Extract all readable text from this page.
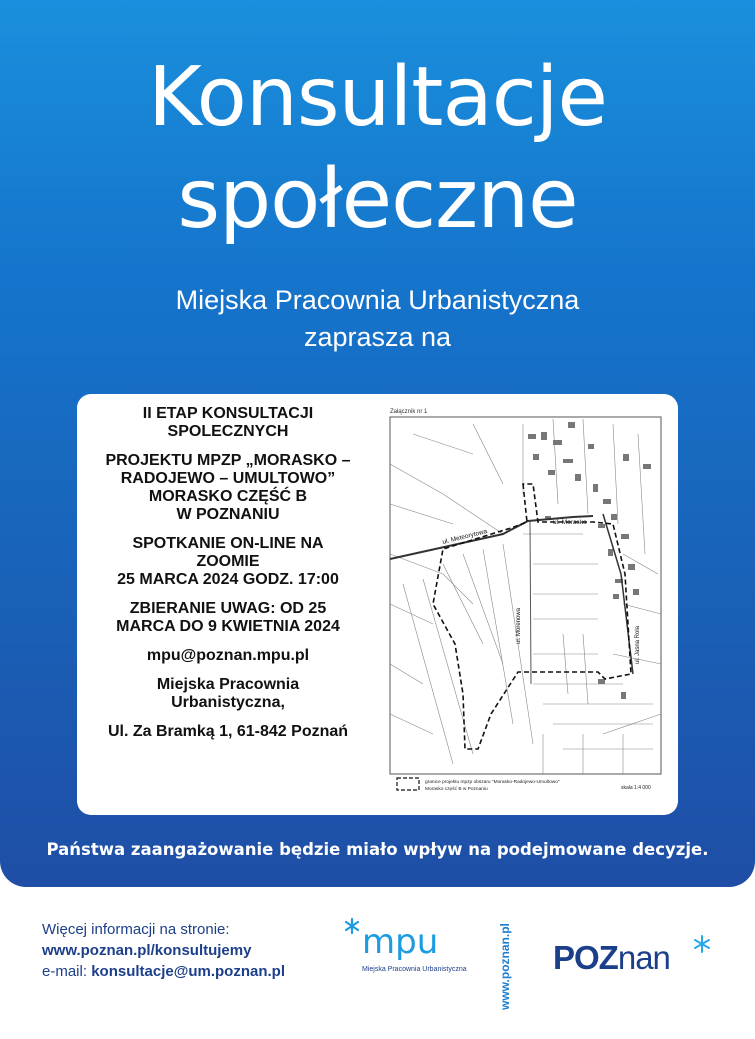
Konsultacje
społeczne
Miejska Pracownia Urbanistyczna
zaprasza na

II ETAP KONSULTACJI
SPOLECZNYCH

PROJEKTU MPZP „MORASKO –
RADOJEWO – UMULTOWO”
MORASKO CZĘŚĆ B
W POZNANIU

SPOTKANIE ON-LINE NA
ZOOMIE
25 MARCA 2024 GODZ. 17:00

ZBIERANIE UWAG: OD 25
MARCA DO 9 KWIETNIA 2024

mpu@poznan.mpu.pl

Miejska Pracownia
Urbanistyczna,

Ul. Za Bramką 1, 61-842 Poznań

Załącznik nr 1
ul. Meteorytowa
ul. Morasko
ul. Morenowa	ul. Jasna Rola
granice projektu mpzp obszaru "Morasko-Radojewo-Umultowo"
Morasko część B w Poznaniu	skala 1:4 000
Państwa zaangażowanie będzie miało wpływ na podejmowane decyzje.
Więcej informacji na stronie:
www.poznan.pl/konsultujemy
e-mail: konsultacje@um.poznan.pl
mpu
Miejska Pracownia Urbanistyczna	www.poznan.pl POZnan
